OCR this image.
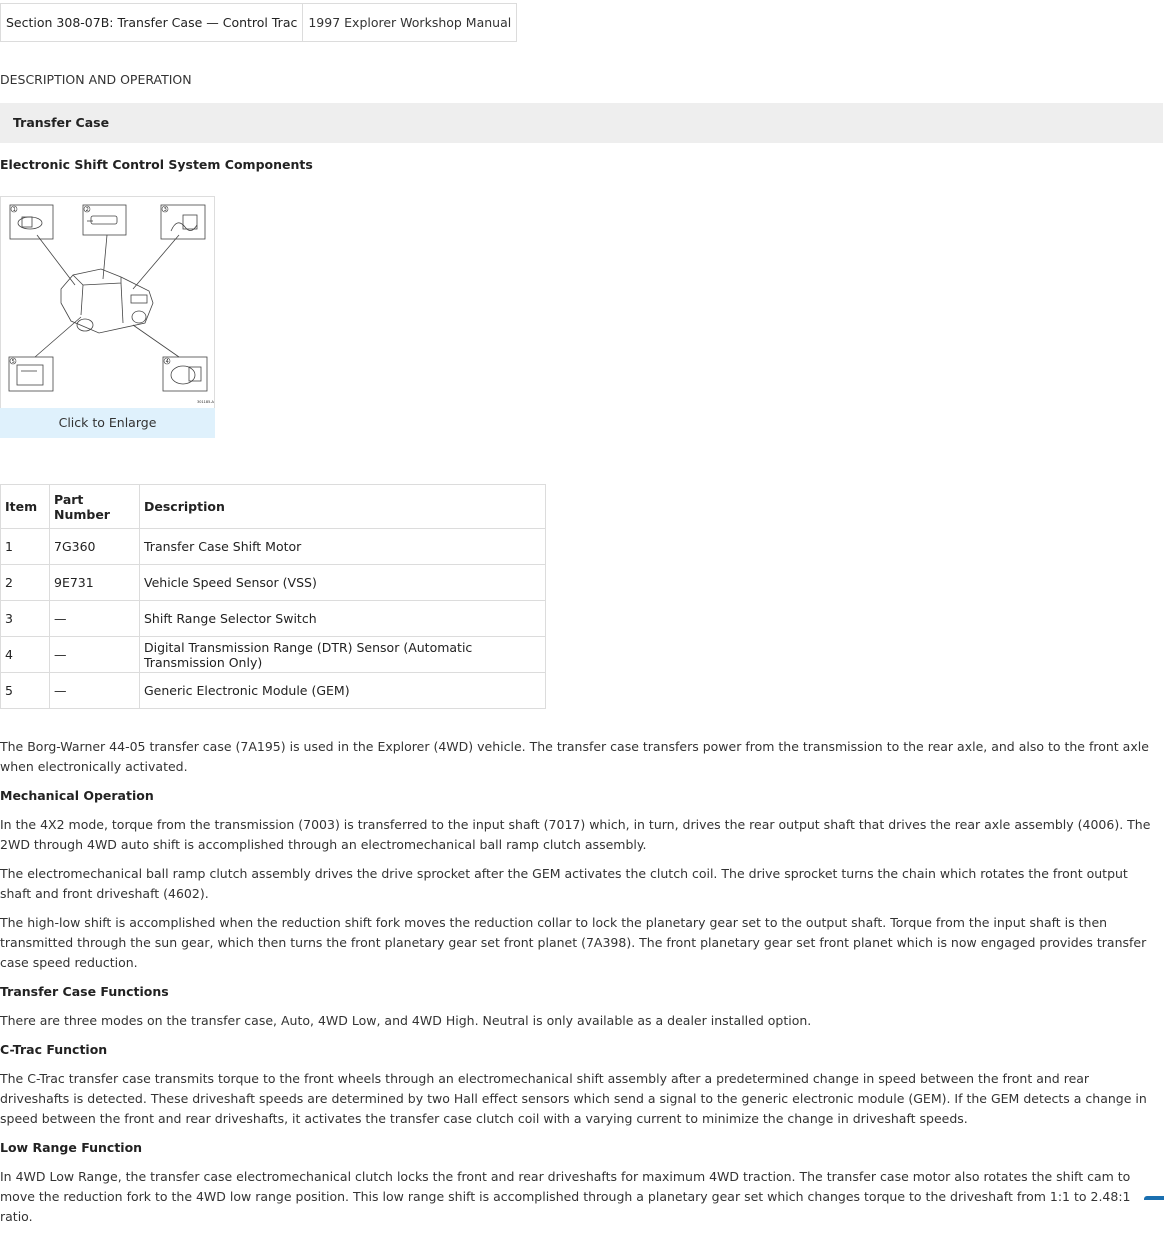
Section 308-07B: Transfer Case — Control Trac	1997 Explorer Workshop Manual
DESCRIPTION AND OPERATION
Transfer Case
Electronic Shift Control System Components
1	2	3
4
5
301185-A
Click to Enlarge
Item	Part Number	Description
1	7G360	Transfer Case Shift Motor
2	9E731	Vehicle Speed Sensor (VSS)
3	—	Shift Range Selector Switch
4	—	Digital Transmission Range (DTR) Sensor (Automatic Transmission Only)
5	—	Generic Electronic Module (GEM)

The Borg-Warner 44-05 transfer case (7A195) is used in the Explorer (4WD) vehicle. The transfer case transfers power from the transmission to the rear axle, and also to the front axle when electronically activated.

Mechanical Operation

In the 4X2 mode, torque from the transmission (7003) is transferred to the input shaft (7017) which, in turn, drives the rear output shaft that drives the rear axle assembly (4006). The 2WD through 4WD auto shift is accomplished through an electromechanical ball ramp clutch assembly.

The electromechanical ball ramp clutch assembly drives the drive sprocket after the GEM activates the clutch coil. The drive sprocket turns the chain which rotates the front output shaft and front driveshaft (4602).

The high-low shift is accomplished when the reduction shift fork moves the reduction collar to lock the planetary gear set to the output shaft. Torque from the input shaft is then transmitted through the sun gear, which then turns the front planetary gear set front planet (7A398). The front planetary gear set front planet which is now engaged provides transfer case speed reduction.

Transfer Case Functions

There are three modes on the transfer case, Auto, 4WD Low, and 4WD High. Neutral is only available as a dealer installed option.

C-Trac Function

The C-Trac transfer case transmits torque to the front wheels through an electromechanical shift assembly after a predetermined change in speed between the front and rear driveshafts is detected. These driveshaft speeds are determined by two Hall effect sensors which send a signal to the generic electronic module (GEM). If the GEM detects a change in speed between the front and rear driveshafts, it activates the transfer case clutch coil with a varying current to minimize the change in driveshaft speeds.

Low Range Function

In 4WD Low Range, the transfer case electromechanical clutch locks the front and rear driveshafts for maximum 4WD traction. The transfer case motor also rotates the shift cam to move the reduction fork to the 4WD low range position. This low range shift is accomplished through a planetary gear set which changes torque to the driveshaft from 1:1 to 2.48:1 ratio.
